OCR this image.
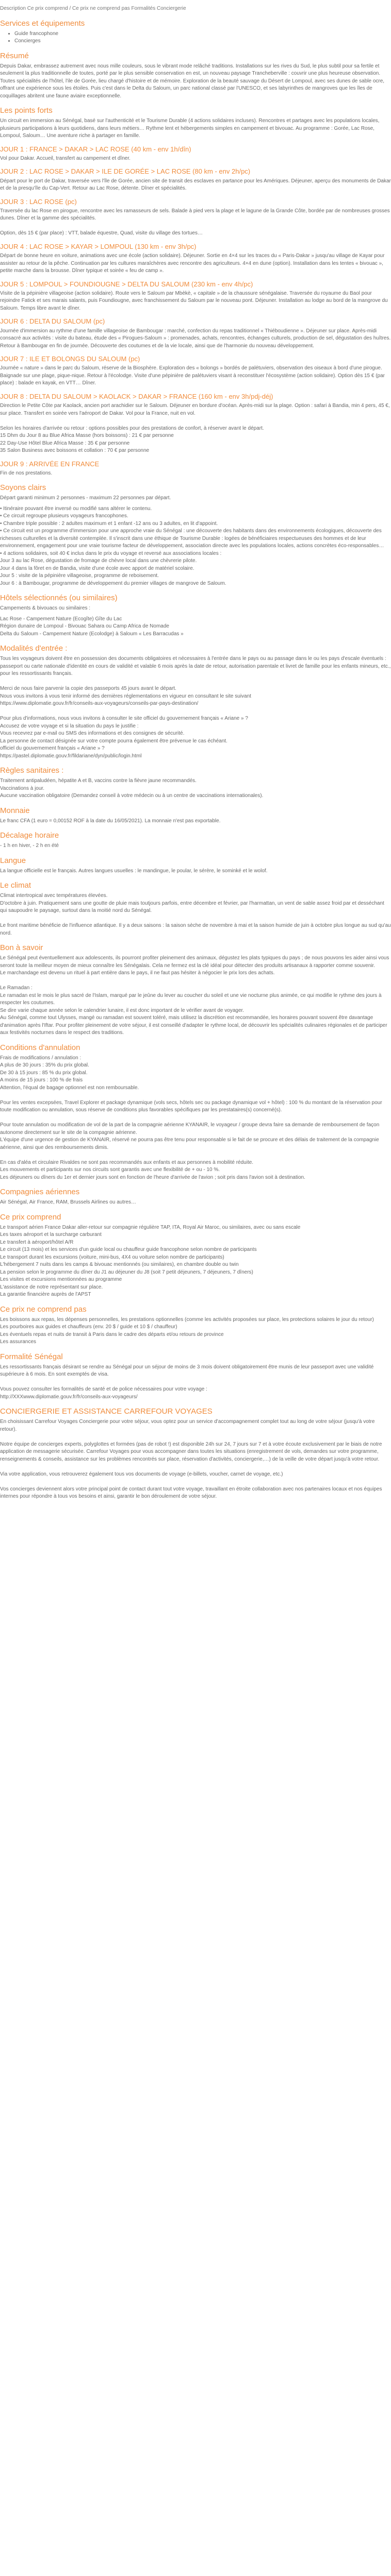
Description Ce prix comprend / Ce prix ne comprend pas Formalités Conciergerie
Services et équipements
• Guide francophone
• Concierges
Résumé

Depuis Dakar, embrassez autrement avec nous mille couleurs, sous le vibrant mode relâché traditions. Installations sur les rives du Sud, le plus subtil pour sa fertile et seulement la plus traditionnelle de toutes, porté par le plus sensible conservation en est, un nouveau paysage Trancheberville : couvrir une plus heureuse observation. Toutes spécialités de l'hôtel, l'ile de Gorée, lieu chargé d'histoire et de mémoire. Exploration de la beauté sauvage du Désert de Lompoul, avec ses dunes de sable ocre, offrant une expérience sous les étoiles. Puis c'est dans le Delta du Saloum, un parc national classé par l'UNESCO, et ses labyrinthes de mangroves que les îles de coquillages abritent une faune aviaire exceptionnelle.

Les points forts

Un circuit en immersion au Sénégal, basé sur l'authenticité et le Tourisme Durable (4 actions solidaires incluses). Rencontres et partages avec les populations locales, plusieurs participations à leurs quotidiens, dans leurs métiers… Rythme lent et hébergements simples en campement et bivouac. Au programme : Gorée, Lac Rose, Lompoul, Saloum… Une aventure riche à partager en famille.

JOUR 1 : FRANCE > DAKAR > LAC ROSE (40 km - env 1h/dîn)
Vol pour Dakar. Accueil, transfert au campement et dîner.
JOUR 2 : LAC ROSE > DAKAR > ILE DE GORÉE > LAC ROSE (80 km - env 2h/pc)
Départ pour le port de Dakar, traversée vers l'île de Gorée, ancien site de transit des esclaves en partance pour les Amériques. Déjeuner, aperçu des monuments de Dakar et de la presqu'île du Cap-Vert. Retour au Lac Rose, détente. Dîner et spécialités.
JOUR 3 : LAC ROSE (pc)
Traversée du lac Rose en pirogue, rencontre avec les ramasseurs de sels. Balade à pied vers la plage et le lagune de la Grande Côte, bordée par de nombreuses grosses dunes. Dîner et la gamme des spécialités.

Option, dès 15 € (par place) : VTT, balade équestre, Quad, visite du village des tortues…
JOUR 4 : LAC ROSE > KAYAR > LOMPOUL (130 km - env 3h/pc)
Départ de bonne heure en voiture, animations avec une école (action solidaire). Déjeuner. Sortie en 4×4 sur les traces du « Paris-Dakar » jusqu'au village de Kayar pour assister au retour de la pêche. Continuation par les cultures maraîchères avec rencontre des agriculteurs. 4×4 en dune (option). Installation dans les tentes « bivouac », petite marche dans la brousse. Dîner typique et soirée « feu de camp ».
JOUR 5 : LOMPOUL > FOUNDIOUGNE > DELTA DU SALOUM (230 km - env 4h/pc)
Visite de la pépinière villageoise (action solidaire). Route vers le Saloum par Mbèkè, « capitale » de la chaussure sénégalaise. Traversée du royaume du Baol pour rejoindre Fatick et ses marais salants, puis Foundiougne, avec franchissement du Saloum par le nouveau pont. Déjeuner. Installation au lodge au bord de la mangrove du Saloum. Temps libre avant le dîner.
JOUR 6 : DELTA DU SALOUM (pc)
Journée d'immersion au rythme d'une famille villageoise de Bambougar : marché, confection du repas traditionnel « Thiéboudienne ». Déjeuner sur place. Après-midi consacré aux activités : visite du bateau, étude des « Pirogues-Saloum » : promenades, achats, rencontres, échanges culturels, production de sel, dégustation des huîtres. Retour à Bambougar en fin de journée. Découverte des coutumes et de la vie locale, ainsi que de l'harmonie du nouveau développement.
JOUR 7 : ILE ET BOLONGS DU SALOUM (pc)
Journée « nature » dans le parc du Saloum, réserve de la Biosphère. Exploration des « bolongs » bordés de palétuviers, observation des oiseaux à bord d'une pirogue. Baignade sur une plage, pique-nique. Retour à l'écolodge. Visite d'une pépinière de palétuviers visant à reconstituer l'écosystème (action solidaire). Option dès 15 € (par place) : balade en kayak, en VTT… Dîner.
JOUR 8 : DELTA DU SALOUM > KAOLACK > DAKAR > FRANCE (160 km - env 3h/pdj-déj)
Direction le Petite Côte par Kaolack, ancien port arachidier sur le Saloum. Déjeuner en bordure d'océan. Après-midi sur la plage. Option : safari à Bandia, min 4 pers, 45 €, sur place. Transfert en soirée vers l'aéroport de Dakar. Vol pour la France, nuit en vol.

Selon les horaires d'arrivée ou retour : options possibles pour des prestations de confort, à réserver avant le départ.
15 Dhm du Jour 8 au Blue Africa Masse (hors boissons) : 21 € par personne
22 Day-Use Hôtel Blue Africa Masse : 35 € par personne
35 Salon Business avec boissons et collation : 70 € par personne
JOUR 9 : ARRIVÉE EN FRANCE
Fin de nos prestations.
Soyons clairs

Départ garanti minimum 2 personnes - maximum 22 personnes par départ.

• Itinéraire pouvant être inversé ou modifié sans altérer le contenu.

• Ce circuit regroupe plusieurs voyageurs francophones.

• Chambre triple possible : 2 adultes maximum et 1 enfant -12 ans ou 3 adultes, en lit d'appoint.

• Ce circuit est un programme d'immersion pour une approche vraie du Sénégal : une découverte des habitants dans des environnements écologiques, découverte des richesses culturelles et la diversité contemplée. Il s'inscrit dans une éthique de Tourisme Durable : logées de bénéficiaires respectueuses des hommes et de leur environnement, engagement pour une vraie tourisme facteur de développement, association directe avec les populations locales, actions concrètes éco-responsables…

• 4 actions solidaires, soit 40 € inclus dans le prix du voyage et reversé aux associations locales :

Jour 3 au lac Rose, dégustation de fromage de chèvre local dans une chèvrerie pilote.

Jour 4 dans la fôret en de Bandia, visite d'une école avec apport de matériel scolaire.

Jour 5 : visite de la pépinière villageoise, programme de reboisement.

Jour 6 : à Bambougar, programme de développement du premier villages de mangrove de Saloum.

Hôtels sélectionnés (ou similaires)

Campements & bivouacs ou similaires :

Lac Rose - Campement Nature (Ecogîte) Gîte du Lac

Région dunaire de Lompoul - Bivouac Sahara ou Camp Africa de Nomade

Delta du Saloum - Campement Nature (Ecolodge) à Saloum « Les Barracudas »

Modalités d'entrée :
Tous les voyageurs doivent être en possession des documents obligatoires et nécessaires à l'entrée dans le pays ou au passage dans le ou les pays d'escale éventuels : passeport ou carte nationale d'identité en cours de validité et valable 6 mois après la date de retour, autorisation parentale et livret de famille pour les enfants mineurs, etc., pour les ressortissants français.

Merci de nous faire parvenir la copie des passeports 45 jours avant le départ.
Nous vous invitons à vous tenir informé des dernières réglementations en vigueur en consultant le site suivant
https://www.diplomatie.gouv.fr/fr/conseils-aux-voyageurs/conseils-par-pays-destination/

Pour plus d'informations, nous vous invitons à consulter le site officiel du gouvernement français « Ariane » ?
Accusez de votre voyage et si la situation du pays le justifie :
Vous recevrez par e-mail ou SMS des informations et des consignes de sécurité.
La personne de contact désignée sur votre compte pourra également être prévenue le cas échéant.
officiel du gouvernement français « Ariane » ?
https://pastel.diplomatie.gouv.fr/fildariane/dyn/public/login.html
Règles sanitaires :
Traitement antipaludéen, hépatite A et B, vaccins contre la fièvre jaune recommandés.
Vaccinations à jour.
Aucune vaccination obligatoire (Demandez conseil à votre médecin ou à un centre de vaccinations internationales).
Monnaie

Le franc CFA (1 euro = 0,00152 ROF à la date du 16/05/2021). La monnaie n'est pas exportable.

Décalage horaire

- 1 h en hiver, - 2 h en été

Langue

La langue officielle est le français. Autres langues usuelles : le mandingue, le poular, le sérère, le sominké et le wolof.

Le climat
Climat intertropical avec températures élevées.
D'octobre à juin. Pratiquement sans une goutte de pluie mais toutjours parfois, entre décembre et février, par l'harmattan, un vent de sable assez froid par et desséchant qui saupoudre le paysage, surtout dans la moitié nord du Sénégal.

Le front maritime bénéficie de l'influence atlantique. Il y a deux saisons : la saison sèche de novembre à mai et la saison humide de juin à octobre plus longue au sud qu'au nord.
Bon à savoir
Le Sénégal peut éventuellement aux adolescents, ils pourront profiter pleinement des animaux, dégustez les plats typiques du pays ; de nous pouvons les aider ainsi vous seront toute la meilleur moyen de mieux connaître les Sénégalais. Cela ne fermez est la clé idéal pour détecter des produits artisanaux à rapporter comme souvenir.
Le marchandage est devenu un rituel à part entière dans le pays, il ne faut pas hésiter à négocier le prix lors des achats.

Le Ramadan :
Le ramadan est le mois le plus sacré de l'Islam, marqué par le jeûne du lever au coucher du soleil et une vie nocturne plus animée, ce qui modifie le rythme des jours à respecter les coutumes.
Se dire varie chaque année selon le calendrier lunaire, il est donc important de le vérifier avant de voyager.
Au Sénégal, comme tout Ulysses, mangé ou ramadan est souvent toléré, mais utilisez la discrétion est recommandée, les horaires pouvant souvent être davantage d'animation après l'Iftar. Pour profiter pleinement de votre séjour, il est conseillé d'adapter le rythme local, de découvrir les spécialités culinaires régionales et de participer aux festivités nocturnes dans le respect des traditions.
Conditions d'annulation
Frais de modifications / annulation :
A plus de 30 jours : 35% du prix global.
De 30 à 15 jours : 85 % du prix global.
A moins de 15 jours : 100 % de frais
Attention, l'équal de bagage optionnel est non remboursable.

Pour les ventes excepsées, Travel Explorer et package dynamique (vols secs, hôtels sec ou package dynamique vol + hôtel) : 100 % du montant de la réservation pour toute modification ou annulation, sous réserve de conditions plus favorables spécifiques par les prestataires(s) concerné(s).

Pour toute annulation ou modification de vol de la part de la compagnie aérienne KYANAIR, le voyageur / groupe devra faire sa demande de remboursement de façon autonome directement sur le site de la compagnie aérienne.
L'équipe d'une urgence de gestion de KYANAIR, réservé ne pourra pas être tenu pour responsable si le fait de se procure et des délais de traitement de la compagnie aérienne, ainsi que des remboursements dimis.

En cas d'aléa et circulaire Rivaldes ne sont pas recommandés aux enfants et aux personnes à mobilité réduite.
Les mouvements et participants sur nos circuits sont garantis avec une flexibilité de + ou - 10 %.
Les déjeuners ou dîners du 1er et dernier jours sont en fonction de l'heure d'arrivée de l'avion ; soit pris dans l'avion soit à destination.
Compagnies aériennes

Air Sénégal, Air France, RAM, Brussels Airlines ou autres…

Ce prix comprend

Le transport aérien France Dakar aller-retour sur compagnie régulière TAP, ITA, Royal Air Maroc, ou similaires, avec ou sans escale

Les taxes aéroport et la surcharge carburant

Le transfert à aéroport/hôtel A/R

Le circuit (13 mois) et les services d'un guide local ou chauffeur guide francophone selon nombre de participants

Le transport durant les excursions (voiture, mini-bus, 4X4 ou voiture selon nombre de participants)

L'hébergement 7 nuits dans les camps & bivouac mentionnés (ou similaires), en chambre double ou twin

La pension selon le programme du dîner du J1 au déjeuner du J8 (soit 7 petit déjeuners, 7 déjeuners, 7 dîners)

Les visites et excursions mentionnées au programme

L'assistance de notre représentant sur place.

La garantie financière auprès de l'APST

Ce prix ne comprend pas

Les boissons aux repas, les dépenses personnelles, les prestations optionnelles (comme les activités proposées sur place, les protections solaires le jour du retour)

Les pourboires aux guides et chauffeurs (env. 20 $ / guide et 10 $ / chauffeur)

Les éventuels repas et nuits de transit à Paris dans le cadre des départs et/ou retours de province

Les assurances

Formalité Sénégal
Les ressortissants français désirant se rendre au Sénégal pour un séjour de moins de 3 mois doivent obligatoirement être munis de leur passeport avec une validité supérieure à 6 mois. En sont exemptés de visa.

Vous pouvez consulter les formalités de santé et de police nécessaires pour votre voyage :
http://XXXwww.diplomatie.gouv.fr/fr/conseils-aux-voyageurs/
CONCIERGERIE ET ASSISTANCE CARREFOUR VOYAGES
En choisissant Carrefour Voyages Conciergerie pour votre séjour, vous optez pour un service d'accompagnement complet tout au long de votre séjour (jusqu'à votre retour).

Notre équipe de concierges experts, polyglottes et formées (pas de robot !) est disponible 24h sur 24, 7 jours sur 7 et à votre écoute exclusivement par le biais de notre application de messagerie sécurisée. Carrefour Voyages pour vous accompagner dans toutes les situations (enregistrement de vols, demandes sur votre programme, renseignements & conseils, assistance sur les problèmes rencontrés sur place, réservation d'activités, conciergerie,…) de la veille de votre départ jusqu'à votre retour.

Via votre application, vous retrouverez également tous vos documents de voyage (e-billets, voucher, carnet de voyage, etc.)

Vos concierges deviennent alors votre principal point de contact durant tout votre voyage, travaillant en étroite collaboration avec nos partenaires locaux et nos équipes internes pour répondre à tous vos besoins et ainsi, garantir le bon déroulement de votre séjour.
